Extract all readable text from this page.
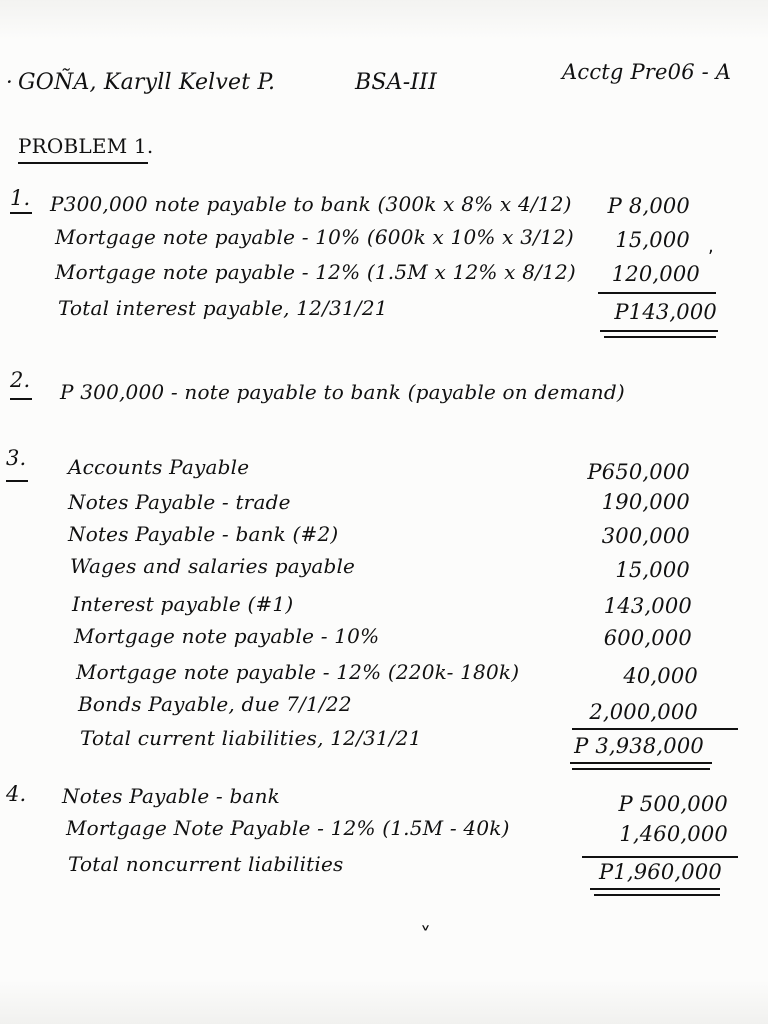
· GOÑA, Karyll Kelvet P.	BSA-III	Acctg Pre06 - A
PROBLEM 1.
1. P300,000 note payable to bank (300k x 8% x 4/12)	P 8,000
Mortgage note payable - 10% (600k x 10% x 3/12)	15,000 ,
Mortgage note payable - 12% (1.5M x 12% x 8/12)	120,000
Total interest payable, 12/31/21	P143,000
2. P 300,000 - note payable to bank (payable on demand)
3. Accounts Payable	P650,000
Notes Payable - trade	190,000
Notes Payable - bank (#2)	300,000
Wages and salaries payable	15,000
Interest payable (#1)	143,000
Mortgage note payable - 10%	600,000
Mortgage note payable - 12% (220k- 180k)	40,000
Bonds Payable, due 7/1/22	2,000,000
Total current liabilities, 12/31/21	P 3,938,000
4. Notes Payable - bank	P 500,000
Mortgage Note Payable - 12% (1.5M - 40k)	1,460,000
Total noncurrent liabilities	P1,960,000
˅
